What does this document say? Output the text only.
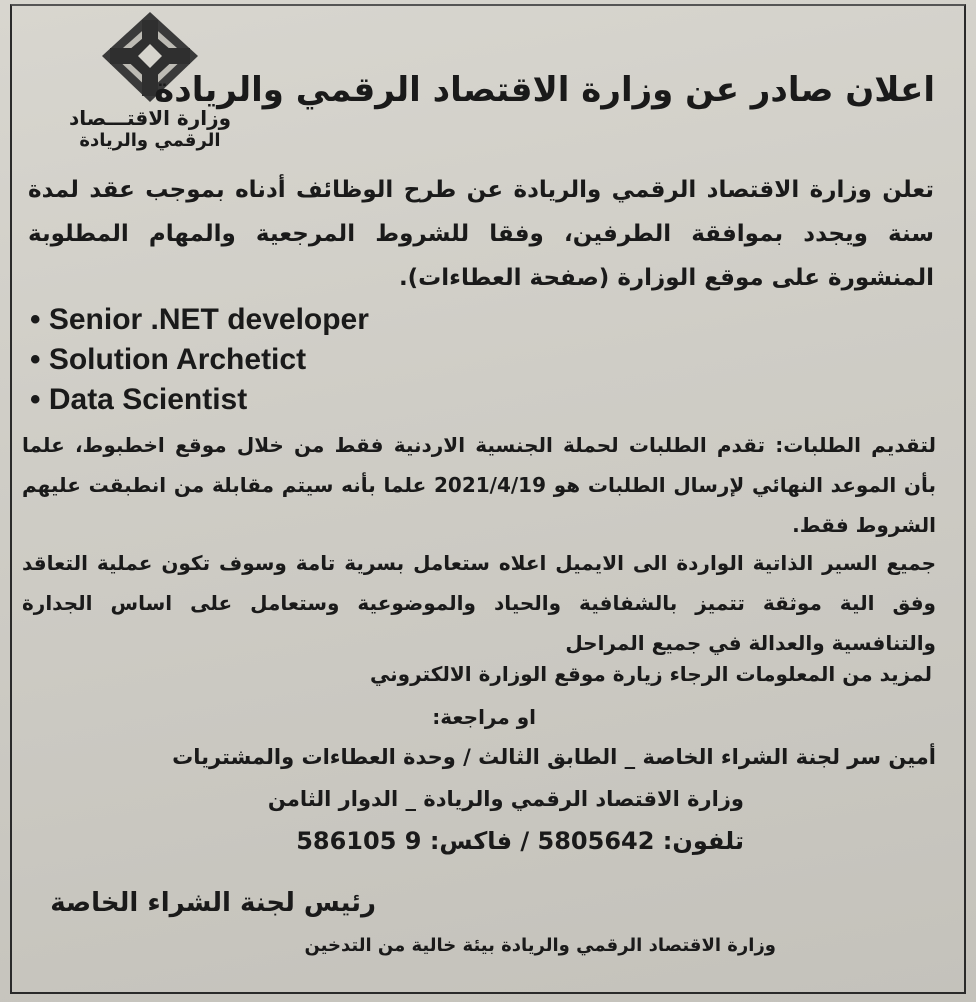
وزارة الاقتـــصاد
الرقمي والريادة
اعلان صادر عن وزارة الاقتصاد الرقمي والريادة
تعلن وزارة الاقتصاد الرقمي والريادة عن طرح الوظائف أدناه بموجب عقد لمدة سنة ويجدد بموافقة الطرفين، وفقا للشروط المرجعية والمهام المطلوبة المنشورة على موقع الوزارة (صفحة العطاءات).
• Senior .NET developer
• Solution Archetict
• Data Scientist
لتقديم الطلبات: تقدم الطلبات لحملة الجنسية الاردنية فقط من خلال موقع اخطبوط، علما بأن الموعد النهائي لإرسال الطلبات هو 2021/4/19 علما بأنه سيتم مقابلة من انطبقت عليهم الشروط فقط.
جميع السير الذاتية الواردة الى الايميل اعلاه ستعامل بسرية تامة وسوف تكون عملية التعاقد وفق الية موثقة تتميز بالشفافية والحياد والموضوعية وستعامل على اساس الجدارة والتنافسية والعدالة في جميع المراحل
لمزيد من المعلومات الرجاء زيارة موقع الوزارة الالكتروني
او مراجعة:
أمين سر لجنة الشراء الخاصة _ الطابق الثالث / وحدة العطاءات والمشتريات
وزارة الاقتصاد الرقمي والريادة _ الدوار الثامن
تلفون: 5805642 / فاكس: 9 586105
رئيس لجنة الشراء الخاصة
وزارة الاقتصاد الرقمي والريادة بيئة خالية من التدخين
